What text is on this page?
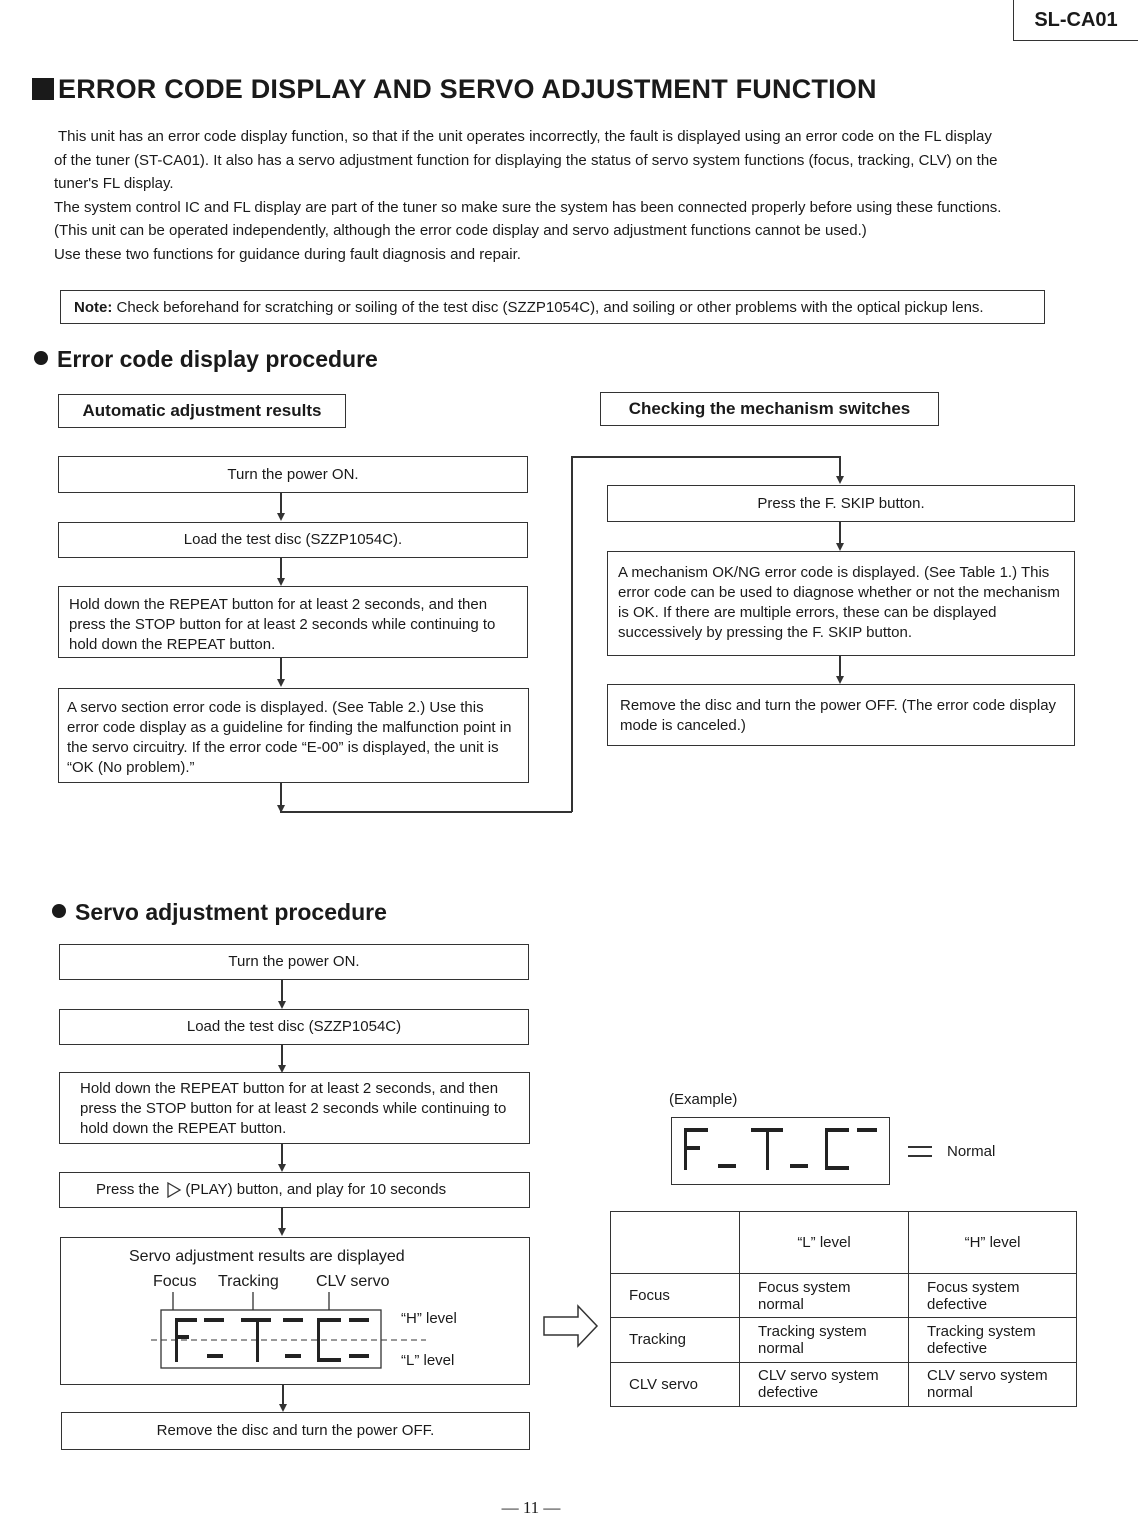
SL-CA01
ERROR CODE DISPLAY AND SERVO ADJUSTMENT FUNCTION
This unit has an error code display function, so that if the unit operates incorrectly, the fault is displayed using an error code on the FL display
of the tuner (ST-CA01). It also has a servo adjustment function for displaying the status of servo system functions (focus, tracking, CLV) on the
tuner's FL display.
The system control IC and FL display are part of the tuner so make sure the system has been connected properly before using these functions.
(This unit can be operated independently, although the error code display and servo adjustment functions cannot be used.)
Use these two functions for guidance during fault diagnosis and repair.
Note: Check beforehand for scratching or soiling of the test disc (SZZP1054C), and soiling or other problems with the optical pickup lens.
Error code display procedure
Automatic adjustment results	Checking the mechanism switches
Turn the power ON.
Load the test disc (SZZP1054C).
Hold down the REPEAT button for at least 2 seconds, and then press the STOP button for at least 2 seconds while continuing to hold down the REPEAT button.
A servo section error code is displayed. (See Table 2.) Use this error code display as a guideline for finding the malfunction point in the servo circuitry. If the error code “E-00” is displayed, the unit is “OK (No problem).”
Press the F. SKIP button.
A mechanism OK/NG error code is displayed. (See Table 1.) This error code can be used to diagnose whether or not the mechanism is OK. If there are multiple errors, these can be displayed successively by pressing the F. SKIP button.
Remove the disc and turn the power OFF. (The error code display mode is canceled.)
Servo adjustment procedure
Turn the power ON.
Load the test disc (SZZP1054C)
Hold down the REPEAT button for at least 2 seconds, and then press the STOP button for at least 2 seconds while continuing to hold down the REPEAT button.
Press the (PLAY) button, and play for 10 seconds
Servo adjustment results are displayed
Focus Tracking CLV servo
“H” level
“L” level
Remove the disc and turn the power OFF.
(Example)
Normal
	“L” level	“H” level
Focus	Focus system normal	Focus system defective
Tracking	Tracking system normal	Tracking system defective
CLV servo	CLV servo system defective	CLV servo system normal
— 11 —
